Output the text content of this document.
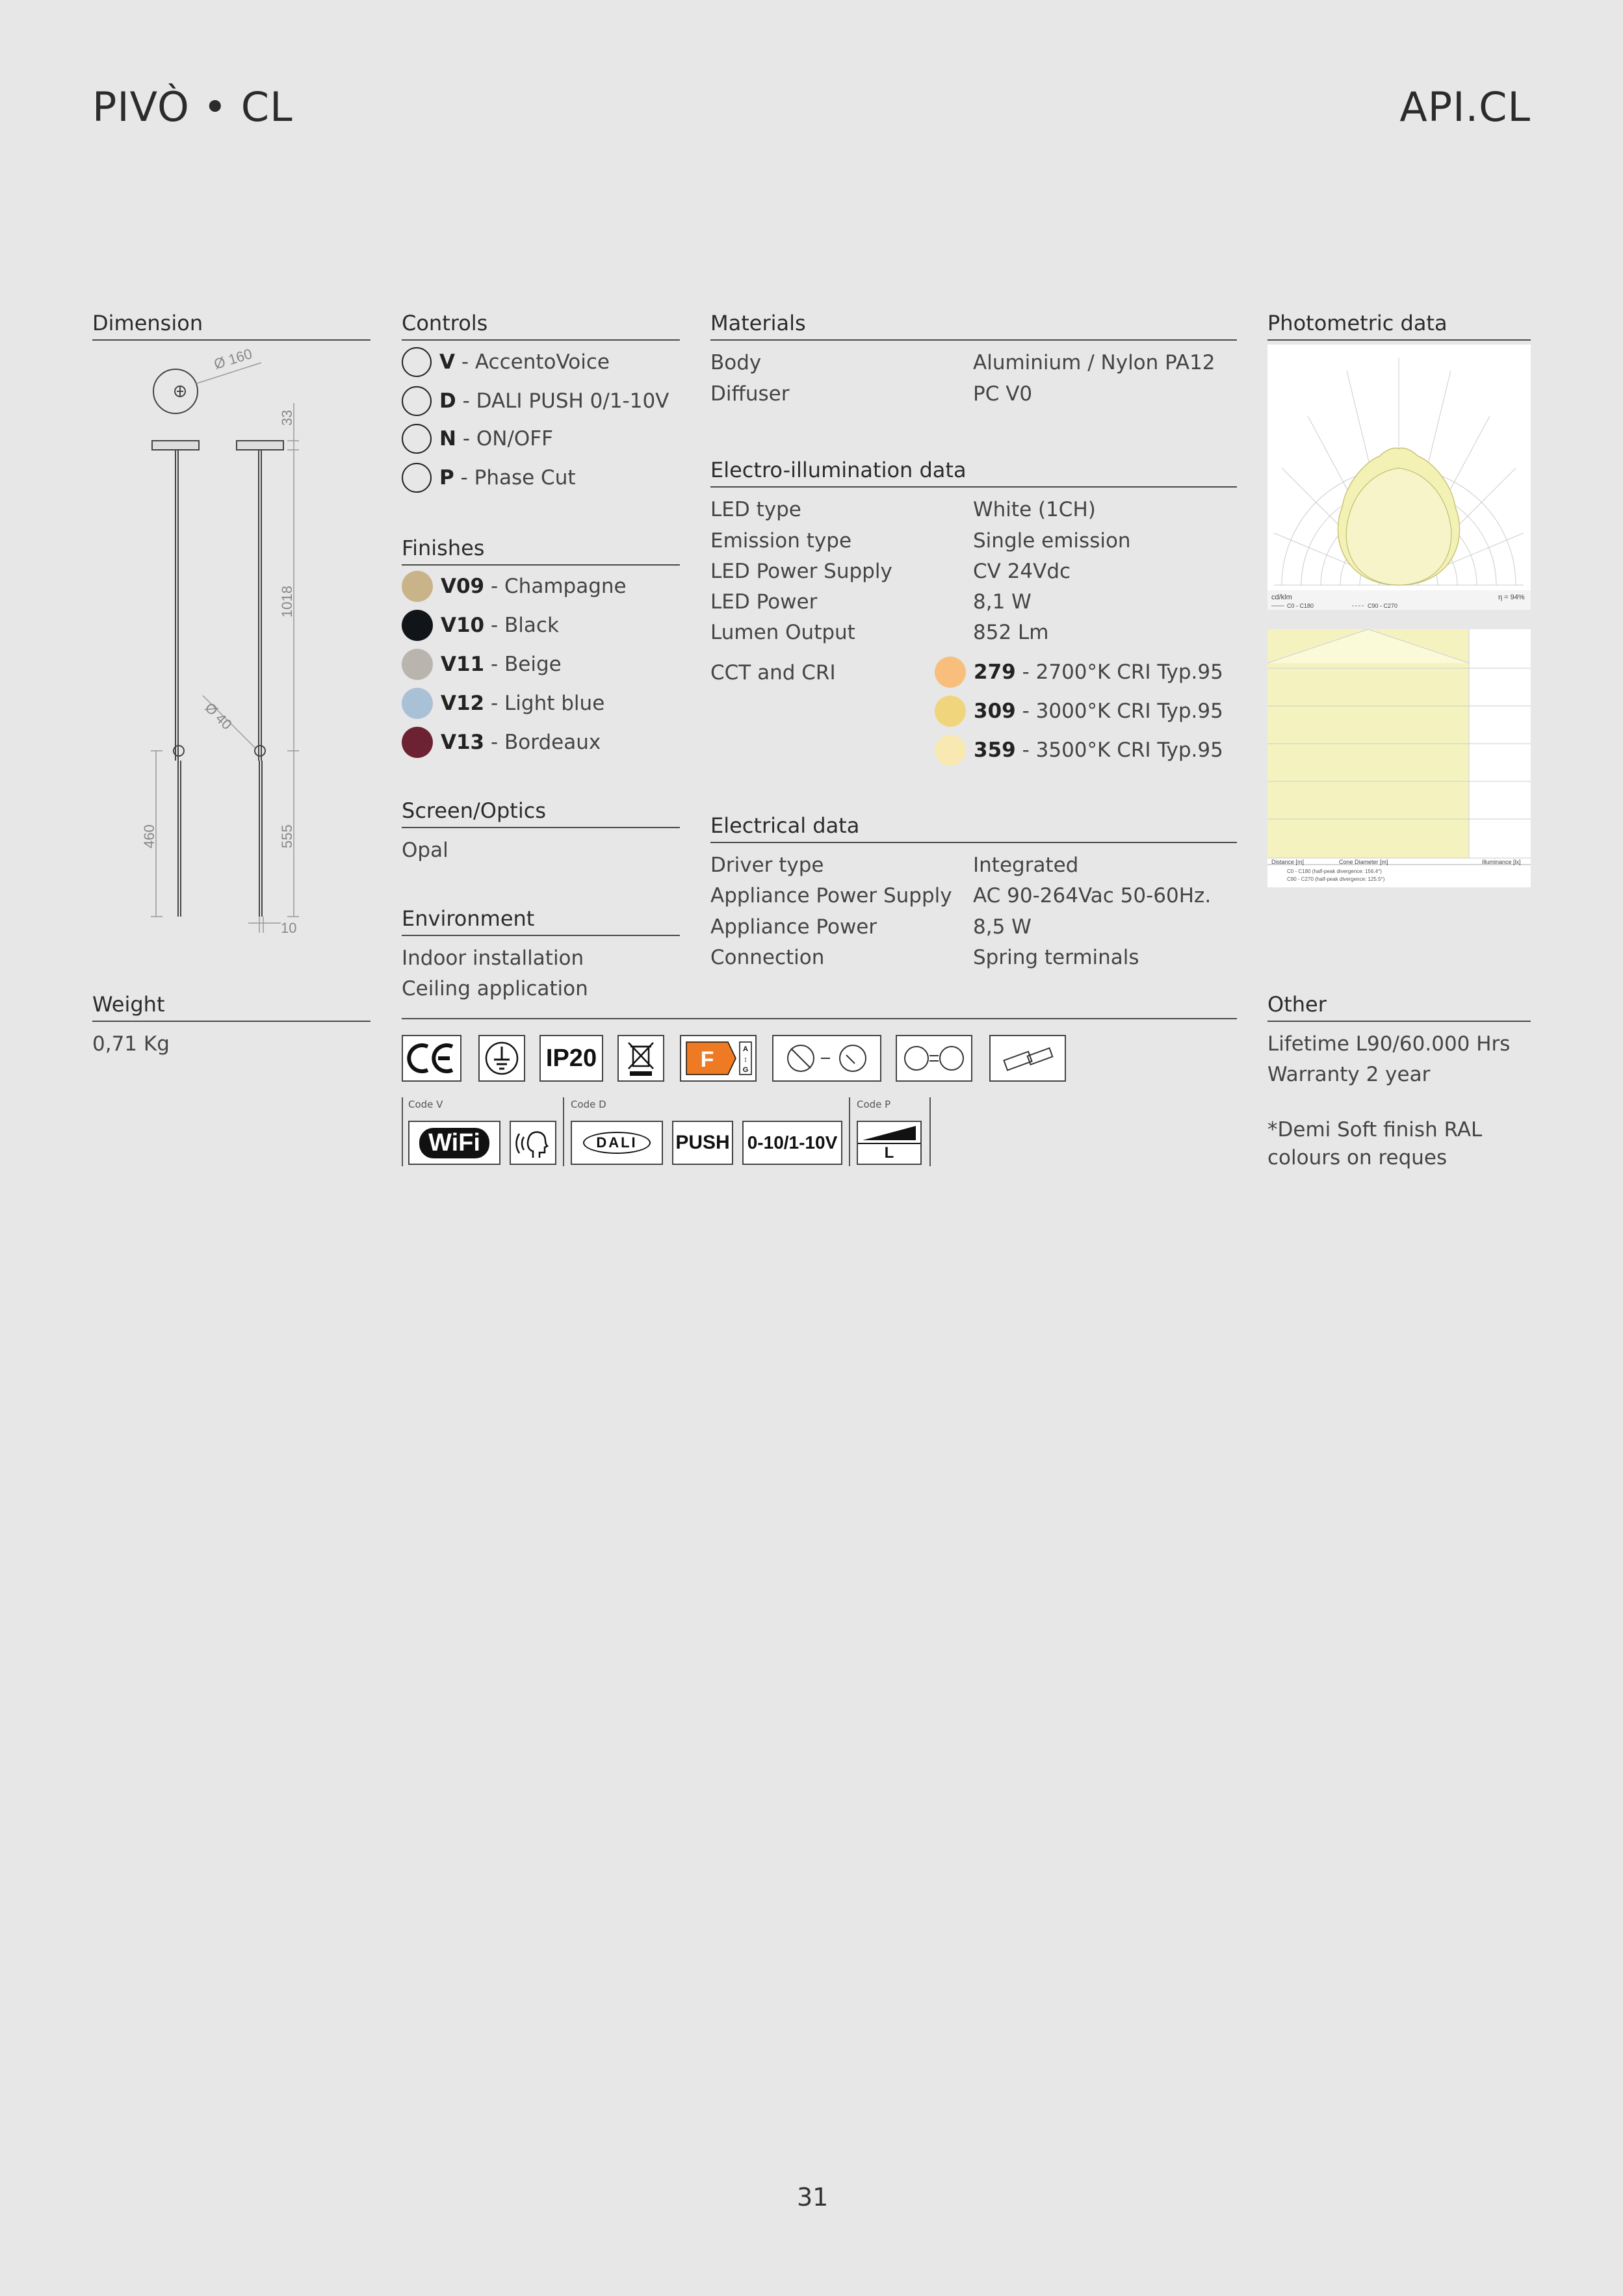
PIVÒ • CL	API.CL
Dimension
Ø 160
33
1018
Ø 40
460	555
10
Weight
0,71 Kg
Controls
V
- AccentoVoice
D
- DALI PUSH 0/1-10V
N
- ON/OFF
P
- Phase Cut
Finishes
V09
- Champagne
V10
- Black
V11
- Beige
V12
- Light blue
V13
- Bordeaux
Screen/Optics
Opal
Environment
Indoor installation
Ceiling application
Materials
Body	Aluminium / Nylon PA12
Diffuser	PC V0
Electro-illumination data
LED type	White (1CH)
Emission type	Single emission
LED Power Supply	CV 24Vdc
LED Power	8,1 W
Lumen Output	852 Lm
CCT and CRI	279
- 2700°K CRI Typ.95
309
- 3000°K CRI Typ.95
359
- 3500°K CRI Typ.95
Electrical data
Driver type	Integrated
Appliance Power Supply AC 90-264Vac 50-60Hz.
Appliance Power	8,5 W
Connection	Spring terminals
Photometric data
cd/klm	η = 94%
C0 - C180	C90 - C270
Distance [m]	Cone Diameter [m]	Illuminance [lx]
C0 - C180 (half-peak divergence: 156.4°)
C90 - C270 (half-peak divergence: 125.5°)
Other
Lifetime L90/60.000 Hrs
Warranty 2 year
*Demi Soft finish RAL
colours on reques
IP20	F	A
↕
G
Code V
WiFi
Code D
DALI	PUSH 0-10/1-10V
Code P
L
31
